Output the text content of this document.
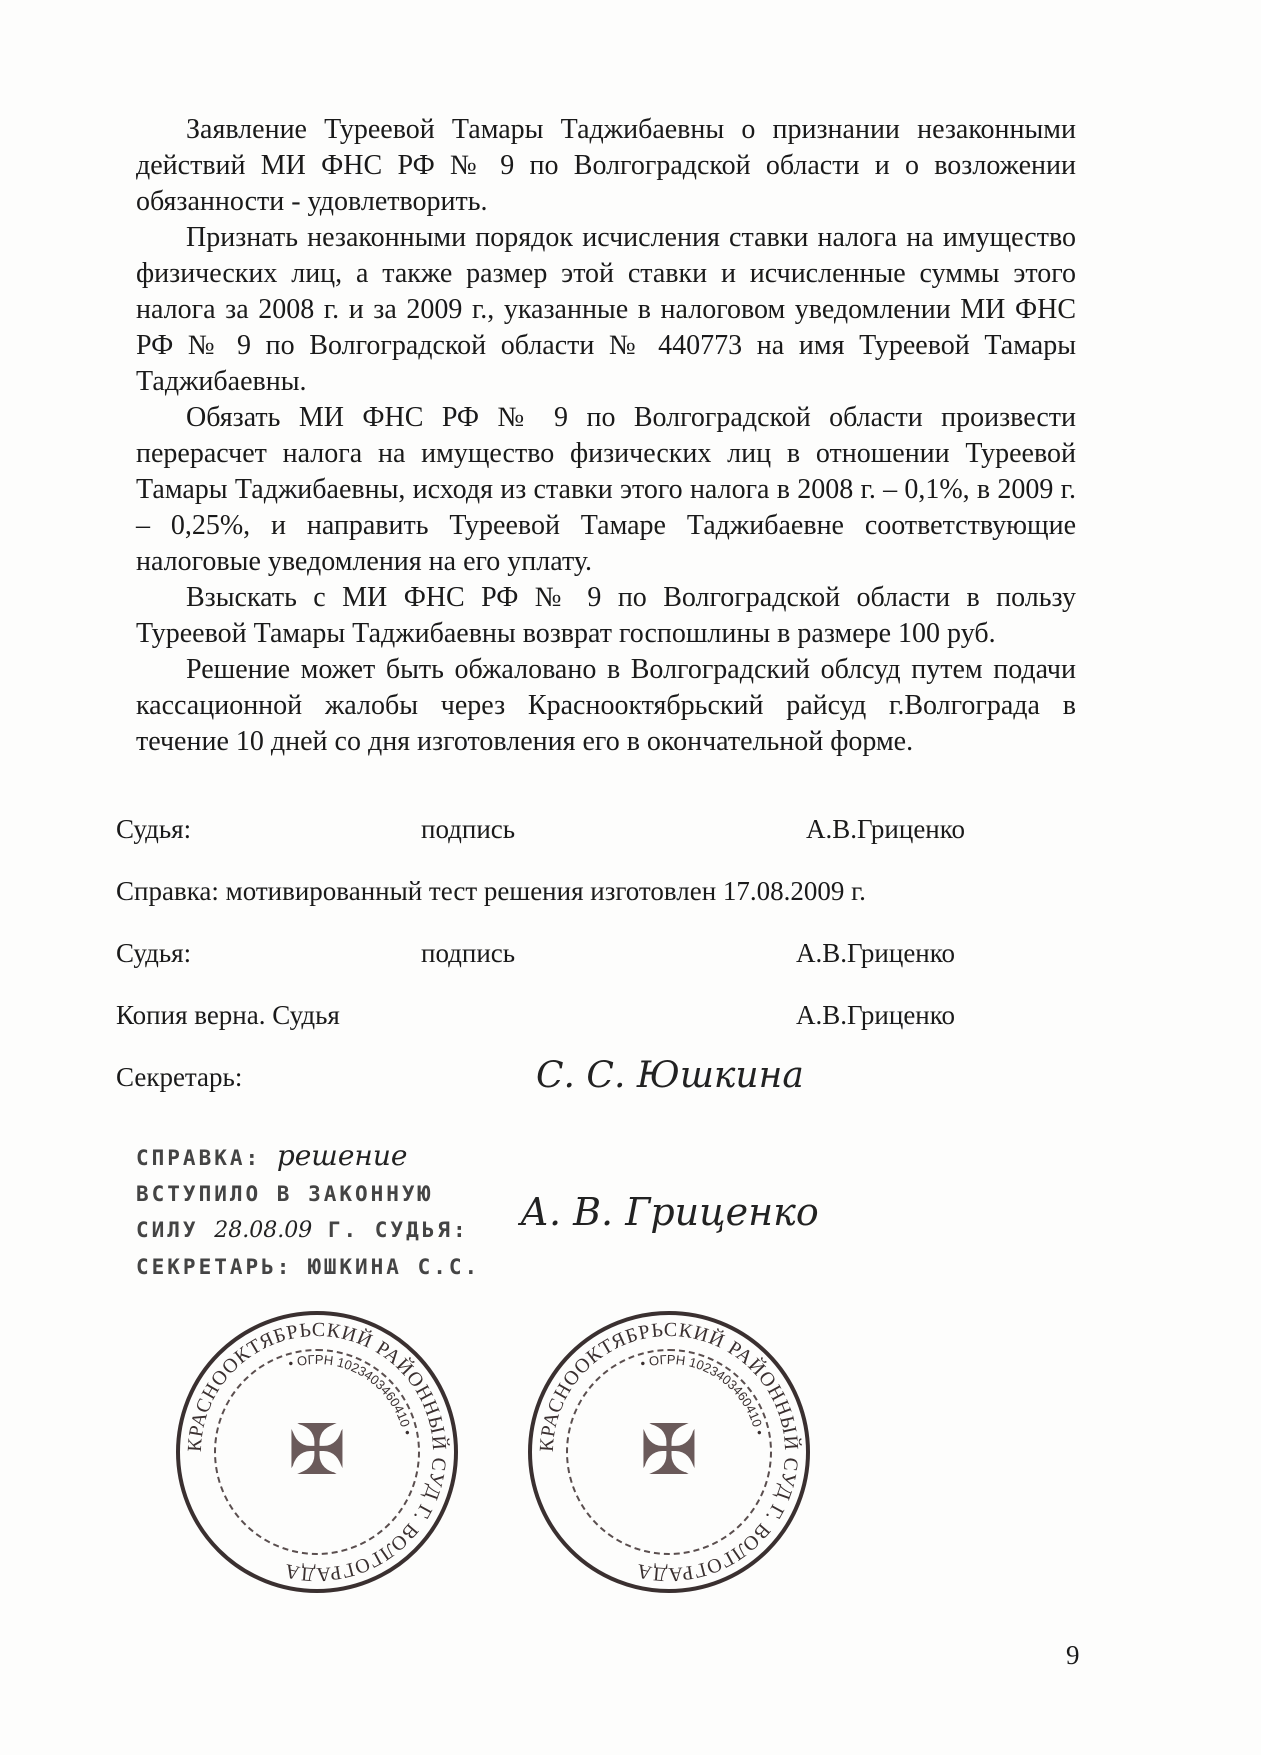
Заявление Туреевой Тамары Таджибаевны о признании незаконными действий МИ ФНС РФ № 9 по Волгоградской области и о возложении обязанности - удовлетворить.

Признать незаконными порядок исчисления ставки налога на имущество физических лиц, а также размер этой ставки и исчисленные суммы этого налога за 2008 г. и за 2009 г., указанные в налоговом уведомлении МИ ФНС РФ № 9 по Волгоградской области № 440773 на имя Туреевой Тамары Таджибаевны.

Обязать МИ ФНС РФ № 9 по Волгоградской области произвести перерасчет налога на имущество физических лиц в отношении Туреевой Тамары Таджибаевны, исходя из ставки этого налога в 2008 г. – 0,1%, в 2009 г. – 0,25%, и направить Туреевой Тамаре Таджибаевне соответствующие налоговые уведомления на его уплату.

Взыскать с МИ ФНС РФ № 9 по Волгоградской области в пользу Туреевой Тамары Таджибаевны возврат госпошлины в размере 100 руб.

Решение может быть обжаловано в Волгоградский облсуд путем подачи кассационной жалобы через Краснооктябрьский райсуд г.Волгограда в течение 10 дней со дня изготовления его в окончательной форме.

Судья:	подпись	А.В.Гриценко
Справка: мотивированный тест решения изготовлен 17.08.2009 г.
Судья:	подпись	А.В.Гриценко
Копия верна. Судья	А.В.Гриценко
Секретарь:	С. С. Юшкина
СПРАВКА: решение
ВСТУПИЛО В ЗАКОННУЮ
СИЛУ 28.08.09 Г. СУДЬЯ:
СЕКРЕТАРЬ: ЮШКИНА С.С.
А. В. Гриценко
КРАСНООКТЯБРЬСКИЙ РАЙОННЫЙ СУД Г. ВОЛГОГРАДА
• ОГРН 1023403460410 •
✠	КРАСНООКТЯБРЬСКИЙ РАЙОННЫЙ СУД Г. ВОЛГОГРАДА
• ОГРН 1023403460410 •
✠
9
